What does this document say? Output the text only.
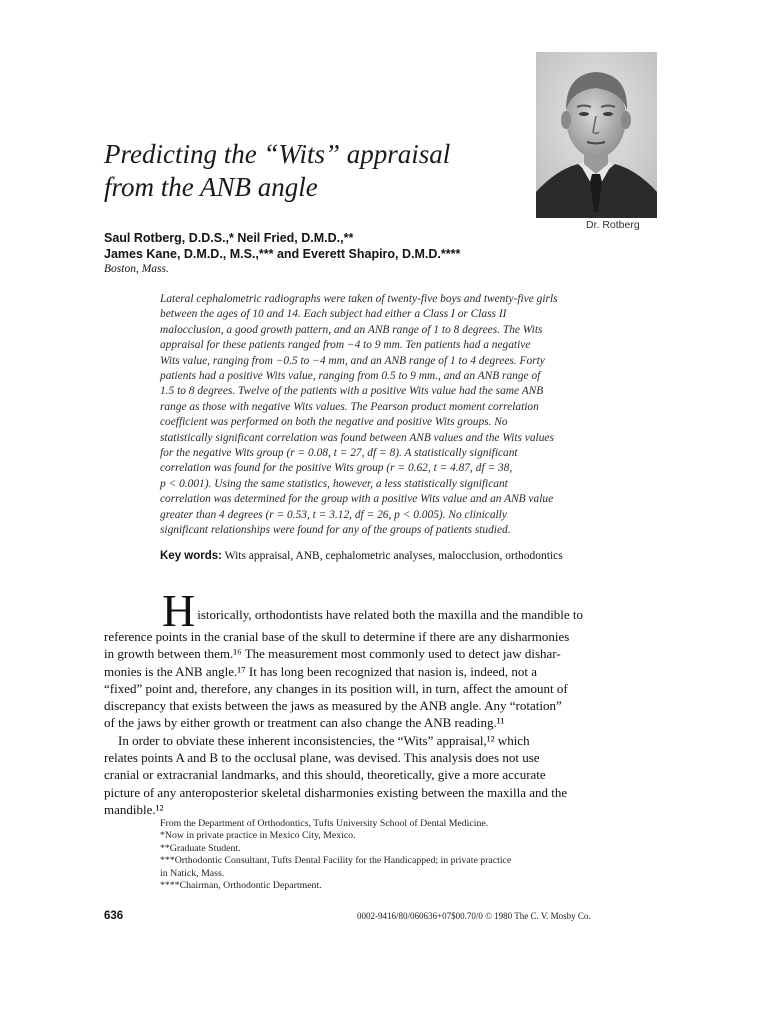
Predicting the “Wits” appraisal
from the ANB angle
Dr. Rotberg
Saul Rotberg, D.D.S.,* Neil Fried, D.M.D.,**
James Kane, D.M.D., M.S.,*** and Everett Shapiro, D.M.D.****
Boston, Mass.
Lateral cephalometric radiographs were taken of twenty-five boys and twenty-five girls
between the ages of 10 and 14. Each subject had either a Class I or Class II
malocclusion, a good growth pattern, and an ANB range of 1 to 8 degrees. The Wits
appraisal for these patients ranged from −4 to 9 mm. Ten patients had a negative
Wits value, ranging from −0.5 to −4 mm, and an ANB range of 1 to 4 degrees. Forty
patients had a positive Wits value, ranging from 0.5 to 9 mm., and an ANB range of
1.5 to 8 degrees. Twelve of the patients with a positive Wits value had the same ANB
range as those with negative Wits values. The Pearson product moment correlation
coefficient was performed on both the negative and positive Wits groups. No
statistically significant correlation was found between ANB values and the Wits values
for the negative Wits group (r = 0.08, t = 27, df = 8). A statistically significant
correlation was found for the positive Wits group (r = 0.62, t = 4.87, df = 38,
p < 0.001). Using the same statistics, however, a less statistically significant
correlation was determined for the group with a positive Wits value and an ANB value
greater than 4 degrees (r = 0.53, t = 3.12, df = 26, p < 0.005). No clinically
significant relationships were found for any of the groups of patients studied.
Key words: Wits appraisal, ANB, cephalometric analyses, malocclusion, orthodontics
H istorically, orthodontists have related both the maxilla and the mandible to
reference points in the cranial base of the skull to determine if there are any disharmonies
in growth between them.¹⁶ The measurement most commonly used to detect jaw dishar-
monies is the ANB angle.¹⁷ It has long been recognized that nasion is, indeed, not a
“fixed” point and, therefore, any changes in its position will, in turn, affect the amount of
discrepancy that exists between the jaws as measured by the ANB angle. Any “rotation”
of the jaws by either growth or treatment can also change the ANB reading.¹¹
In order to obviate these inherent inconsistencies, the “Wits” appraisal,¹² which
relates points A and B to the occlusal plane, was devised. This analysis does not use
cranial or extracranial landmarks, and this should, theoretically, give a more accurate
picture of any anteroposterior skeletal disharmonies existing between the maxilla and the
mandible.¹²
From the Department of Orthodontics, Tufts University School of Dental Medicine.
*Now in private practice in Mexico City, Mexico.
**Graduate Student.
***Orthodontic Consultant, Tufts Dental Facility for the Handicapped; in private practice
in Natick, Mass.
****Chairman, Orthodontic Department.
636	0002-9416/80/060636+07$00.70/0 © 1980 The C. V. Mosby Co.
